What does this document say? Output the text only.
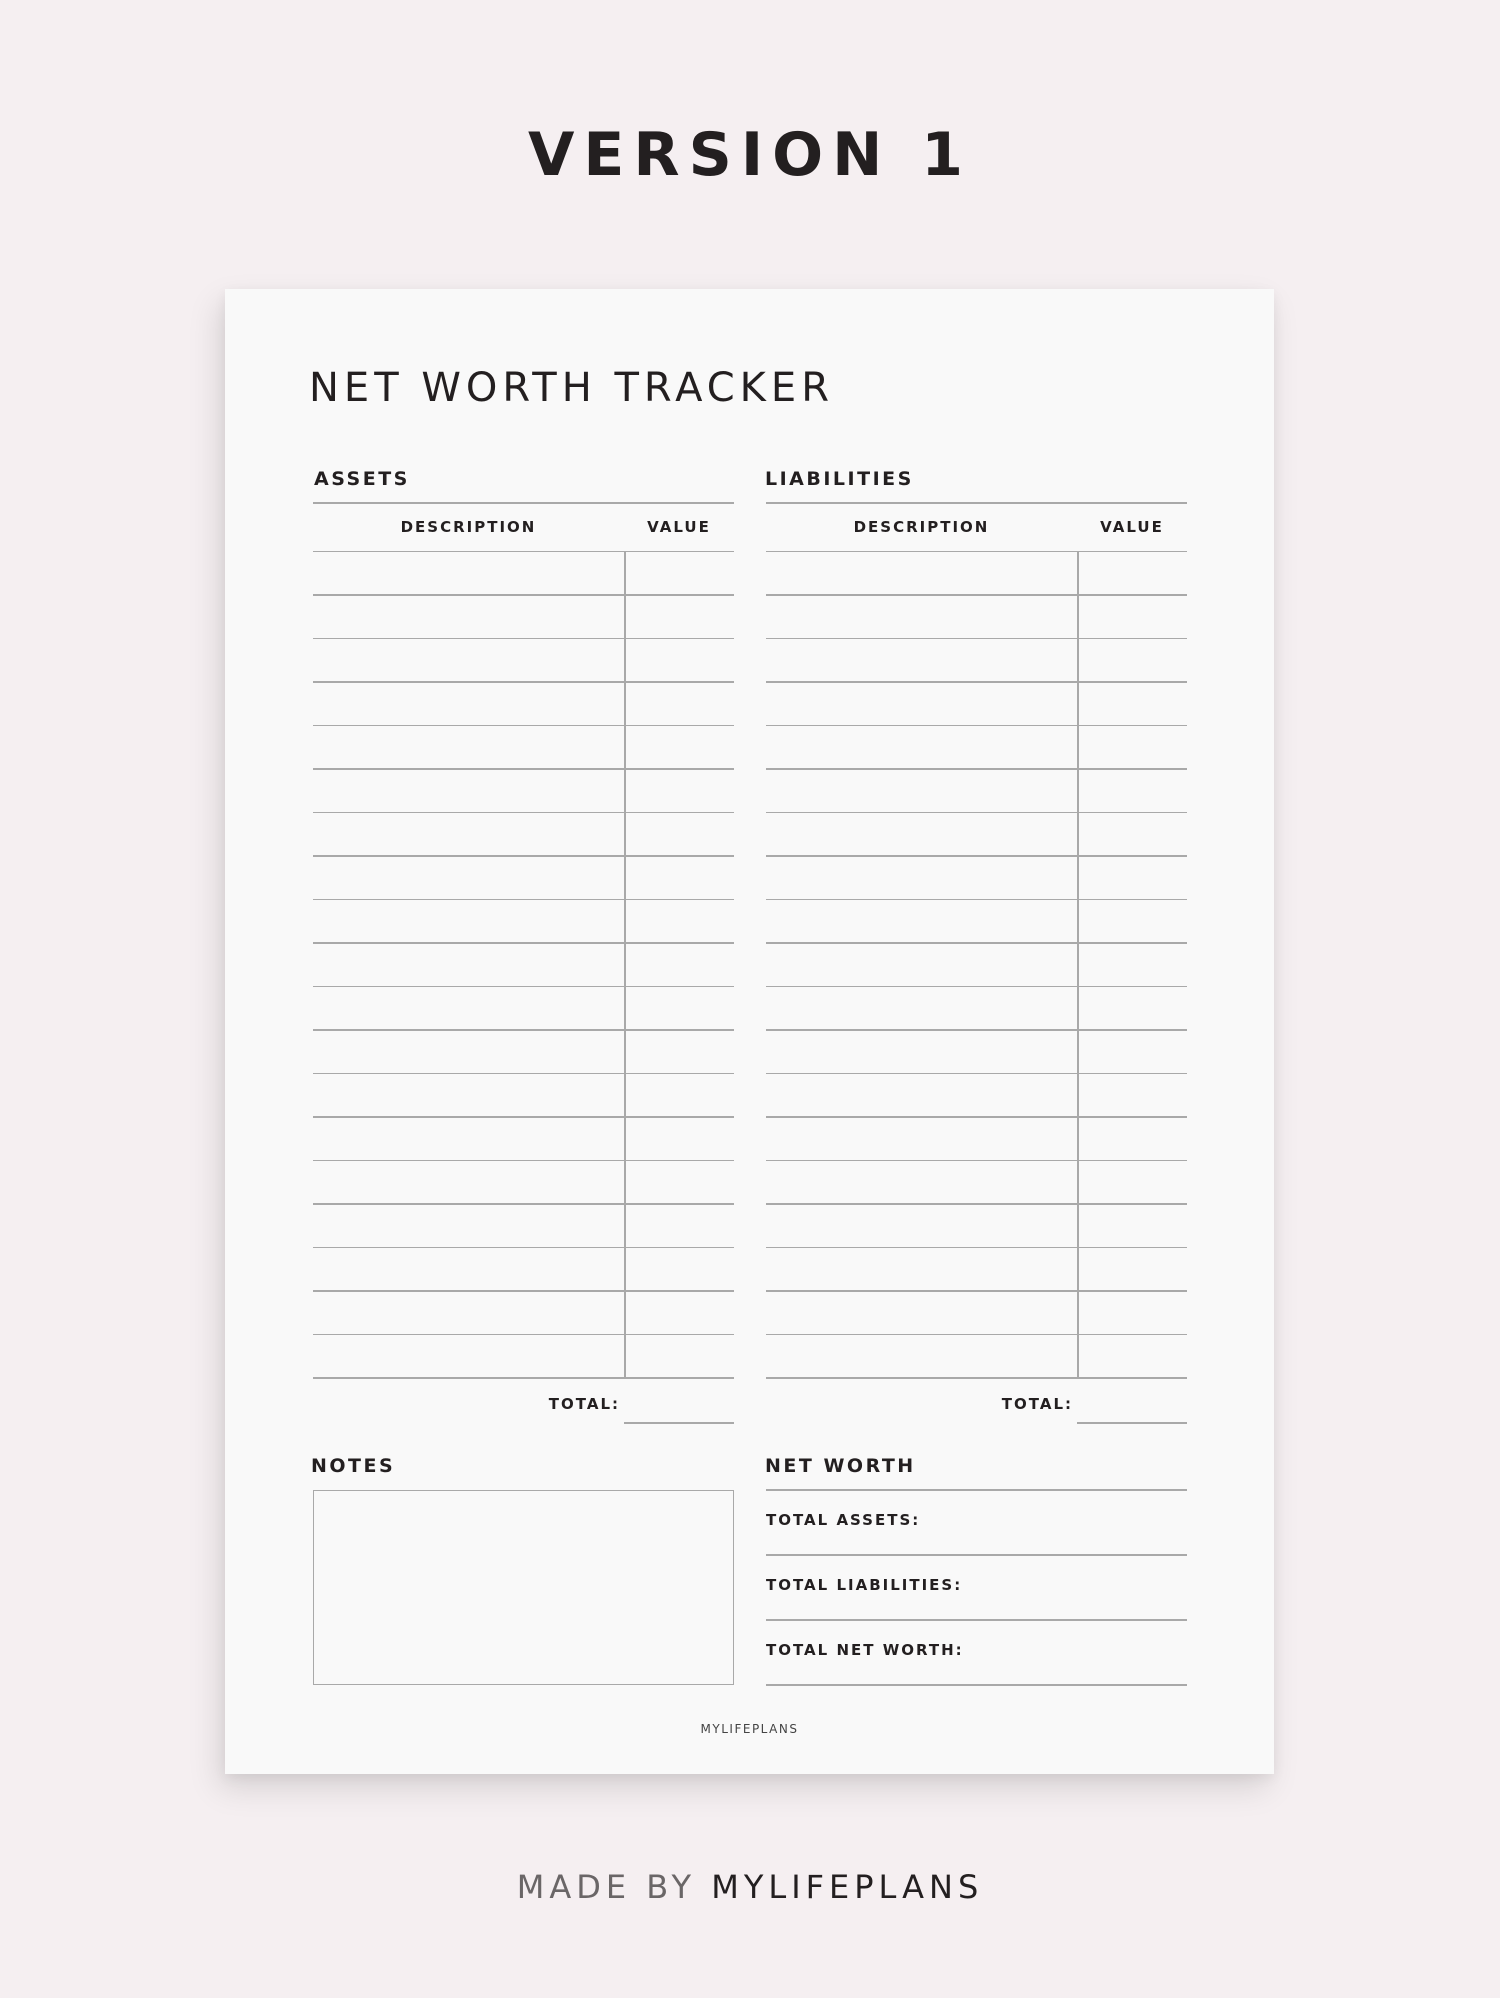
VERSION 1
NET WORTH TRACKER
ASSETS
DESCRIPTION	VALUE
TOTAL:
LIABILITIES
DESCRIPTION	VALUE
TOTAL:
NOTES	NET WORTH
TOTAL ASSETS:
TOTAL LIABILITIES:
TOTAL NET WORTH:
MYLIFEPLANS
MADE BY MYLIFEPLANS
